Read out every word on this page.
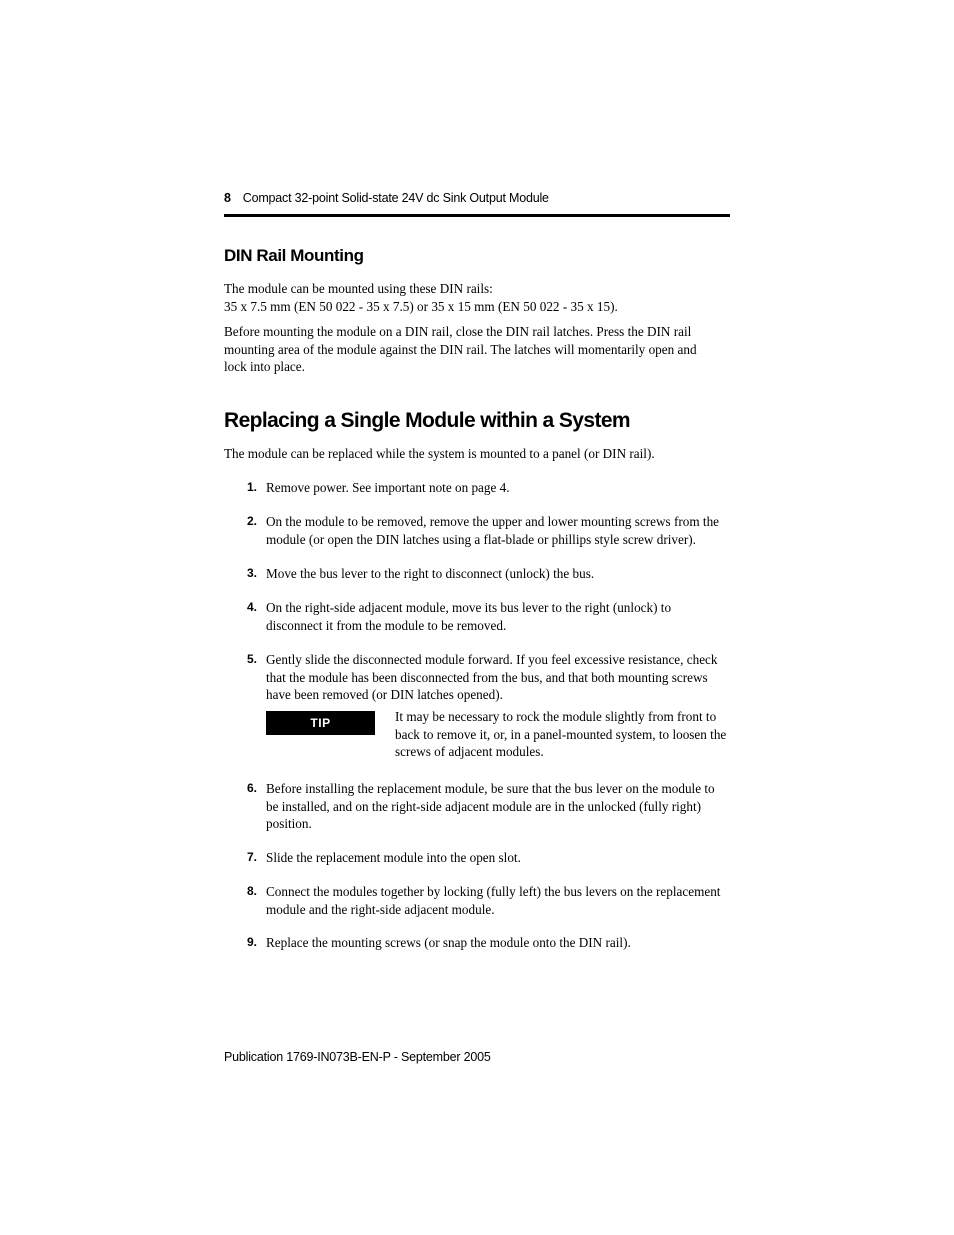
8 Compact 32-point Solid-state 24V dc Sink Output Module
DIN Rail Mounting

The module can be mounted using these DIN rails:
35 x 7.5 mm (EN 50 022 - 35 x 7.5) or 35 x 15 mm (EN 50 022 - 35 x 15).

Before mounting the module on a DIN rail, close the DIN rail latches. Press the DIN rail mounting area of the module against the DIN rail. The latches will momentarily open and lock into place.

Replacing a Single Module within a System

The module can be replaced while the system is mounted to a panel (or DIN rail).

1. Remove power. See important note on page 4.
2. On the module to be removed, remove the upper and lower mounting screws from the module (or open the DIN latches using a flat-blade or phillips style screw driver).
3. Move the bus lever to the right to disconnect (unlock) the bus.
4. On the right-side adjacent module, move its bus lever to the right (unlock) to disconnect it from the module to be removed.
5. Gently slide the disconnected module forward. If you feel excessive resistance, check that the module has been disconnected from the bus, and that both mounting screws have been removed (or DIN latches opened).
TIP	It may be necessary to rock the module slightly from front to back to remove it, or, in a panel-mounted system, to loosen the screws of adjacent modules.
6. Before installing the replacement module, be sure that the bus lever on the module to be installed, and on the right-side adjacent module are in the unlocked (fully right) position.
7. Slide the replacement module into the open slot.
8. Connect the modules together by locking (fully left) the bus levers on the replacement module and the right-side adjacent module.
9. Replace the mounting screws (or snap the module onto the DIN rail).
Publication 1769-IN073B-EN-P - September 2005
